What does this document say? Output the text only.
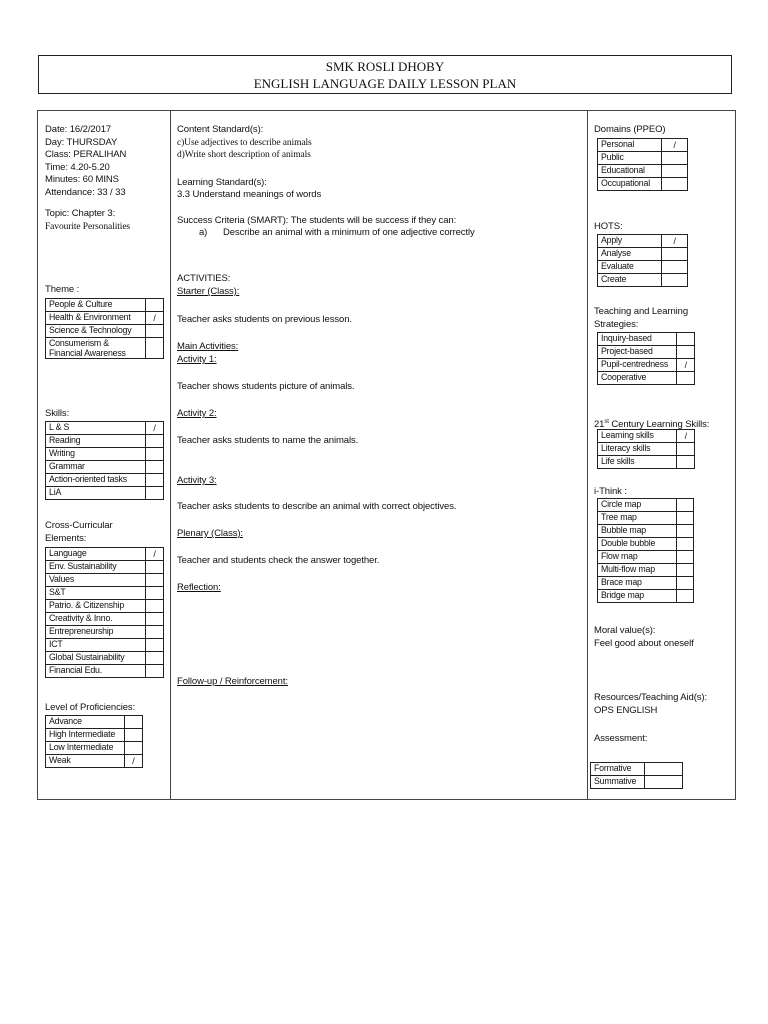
SMK ROSLI DHOBY
ENGLISH LANGUAGE DAILY LESSON PLAN
Date: 16/2/2017
Day: THURSDAY
Class: PERALIHAN
Time: 4.20-5.20
Minutes: 60 MINS
Attendance: 33 / 33
Topic: Chapter 3:
Favourite Personalities
Theme :
People & Culture	
Health & Environment	/
Science & Technology	
Consumerism & Financial Awareness	
Skills:
L & S	/
Reading	
Writing	
Grammar	
Action-oriented tasks	
LiA	
Cross-Curricular
Elements:
Language	/
Env. Sustainability	
Values	
S&T	
Patrio. & Citizenship	
Creativity & Inno.	
Entrepreneurship	
ICT	
Global Sustainability	
Financial Edu.	
Level of Proficiencies:
Advance	
High Intermediate	
Low Intermediate	
Weak	/
Content Standard(s):
c)Use adjectives to describe animals
d)Write short description of animals
Learning Standard(s):
3.3 Understand meanings of words
Success Criteria (SMART): The students will be success if they can:
a) Describe an animal with a minimum of one adjective correctly
ACTIVITIES:
Starter (Class):
Teacher asks students on previous lesson.
Main Activities:
Activity 1:
Teacher shows students picture of animals.
Activity 2:
Teacher asks students to name the animals.
Activity 3:
Teacher asks students to describe an animal with correct objectives.
Plenary (Class):
Teacher and students check the answer together.
Reflection:
Follow-up / Reinforcement:
Domains (PPEO)
Personal	/
Public	
Educational	
Occupational	
HOTS:
Apply	/
Analyse	
Evaluate	
Create	
Teaching and Learning
Strategies:
Inquiry-based	
Project-based	
Pupil-centredness	/
Cooperative	
21st Century Learning Skills:
Learning skills	/
Literacy skills	
Life skills	
i-Think :
Circle map	
Tree map	
Bubble map	
Double bubble	
Flow map	
Multi-flow map	
Brace map	
Bridge map	
Moral value(s):
Feel good about oneself
Resources/Teaching Aid(s):
OPS ENGLISH
Assessment:
Formative	
Summative	
